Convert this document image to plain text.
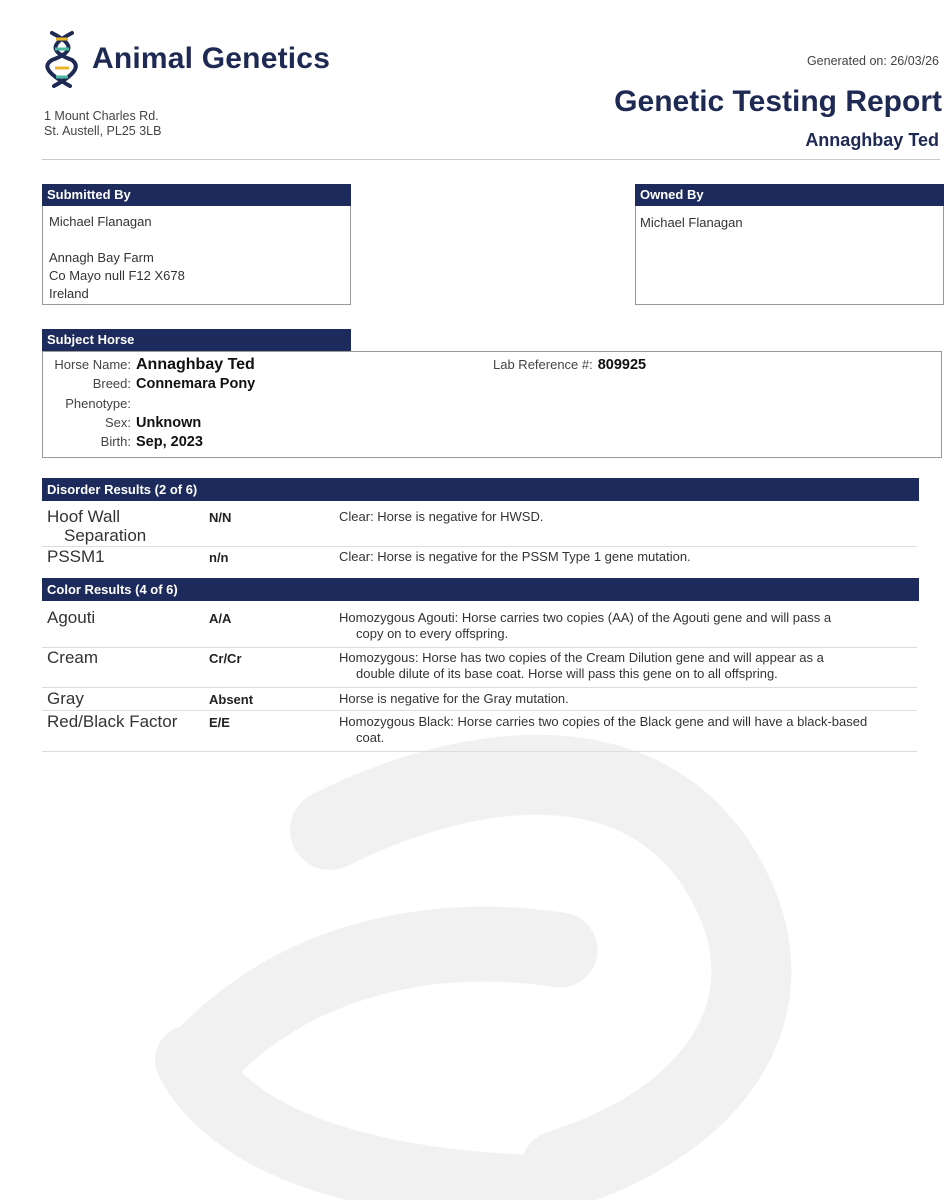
Animal Genetics
1 Mount Charles Rd.
St. Austell, PL25 3LB
Generated on: 26/03/26
Genetic Testing Report
Annaghbay Ted
Submitted By
Michael Flanagan
Annagh Bay Farm
Co Mayo null F12 X678
Ireland
Owned By
Michael Flanagan
Subject Horse
Horse Name: Annaghbay Ted
Breed: Connemara Pony
Phenotype:
Sex: Unknown
Birth: Sep, 2023
Lab Reference #: 809925
Disorder Results (2 of 6)
Hoof Wall
Separation
N/N	Clear: Horse is negative for HWSD.
PSSM1	n/n	Clear: Horse is negative for the PSSM Type 1 gene mutation.
Color Results (4 of 6)
Agouti	A/A	Homozygous Agouti: Horse carries two copies (AA) of the Agouti gene and will pass a
copy on to every offspring.
Cream	Cr/Cr	Homozygous: Horse has two copies of the Cream Dilution gene and will appear as a
double dilute of its base coat. Horse will pass this gene on to all offspring.
Gray	Absent	Horse is negative for the Gray mutation.
Red/Black Factor E/E	Homozygous Black: Horse carries two copies of the Black gene and will have a black-based
coat.
